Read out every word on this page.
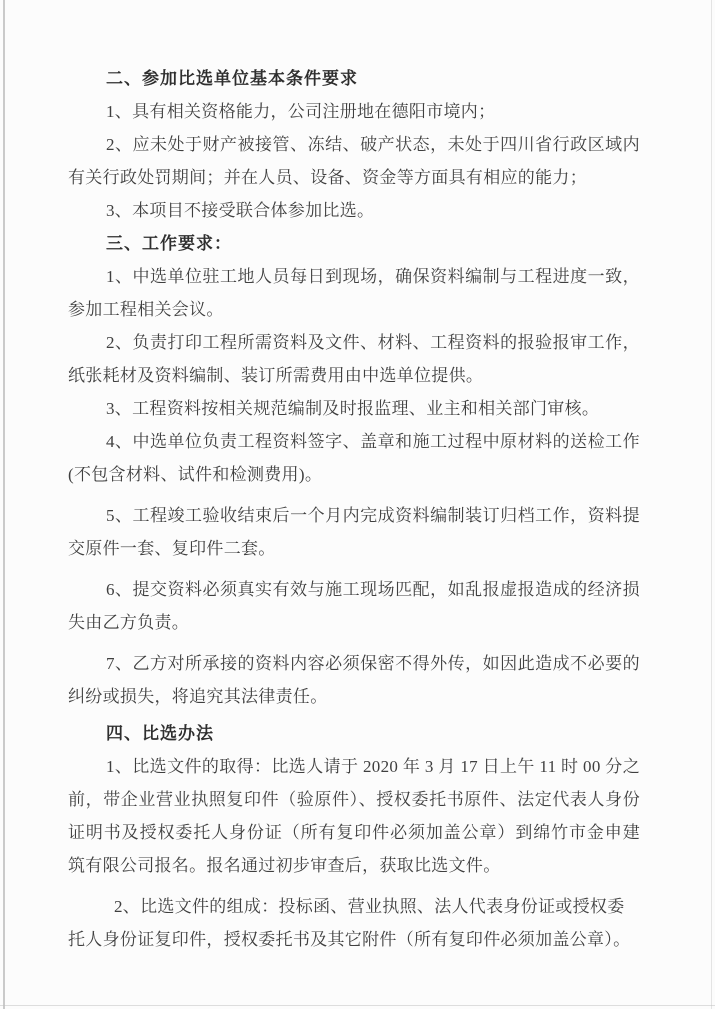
二、参加比选单位基本条件要求
1、具有相关资格能力，公司注册地在德阳市境内；
2、应未处于财产被接管、冻结、破产状态，未处于四川省行政区域内
有关行政处罚期间；并在人员、设备、资金等方面具有相应的能力；
3、本项目不接受联合体参加比选。
三、工作要求：
1、中选单位驻工地人员每日到现场，确保资料编制与工程进度一致，
参加工程相关会议。
2、负责打印工程所需资料及文件、材料、工程资料的报验报审工作，
纸张耗材及资料编制、装订所需费用由中选单位提供。
3、工程资料按相关规范编制及时报监理、业主和相关部门审核。
4、中选单位负责工程资料签字、盖章和施工过程中原材料的送检工作
(不包含材料、试件和检测费用)。
5、工程竣工验收结束后一个月内完成资料编制装订归档工作，资料提
交原件一套、复印件二套。
6、提交资料必须真实有效与施工现场匹配，如乱报虚报造成的经济损
失由乙方负责。
7、乙方对所承接的资料内容必须保密不得外传，如因此造成不必要的
纠纷或损失，将追究其法律责任。
四、比选办法
1、比选文件的取得：比选人请于 2020 年 3 月 17 日上午 11 时 00 分之
前，带企业营业执照复印件（验原件）、授权委托书原件、法定代表人身份
证明书及授权委托人身份证（所有复印件必须加盖公章）到绵竹市金申建
筑有限公司报名。报名通过初步审查后，获取比选文件。
2、比选文件的组成：投标函、营业执照、法人代表身份证或授权委
托人身份证复印件，授权委托书及其它附件（所有复印件必须加盖公章）。
